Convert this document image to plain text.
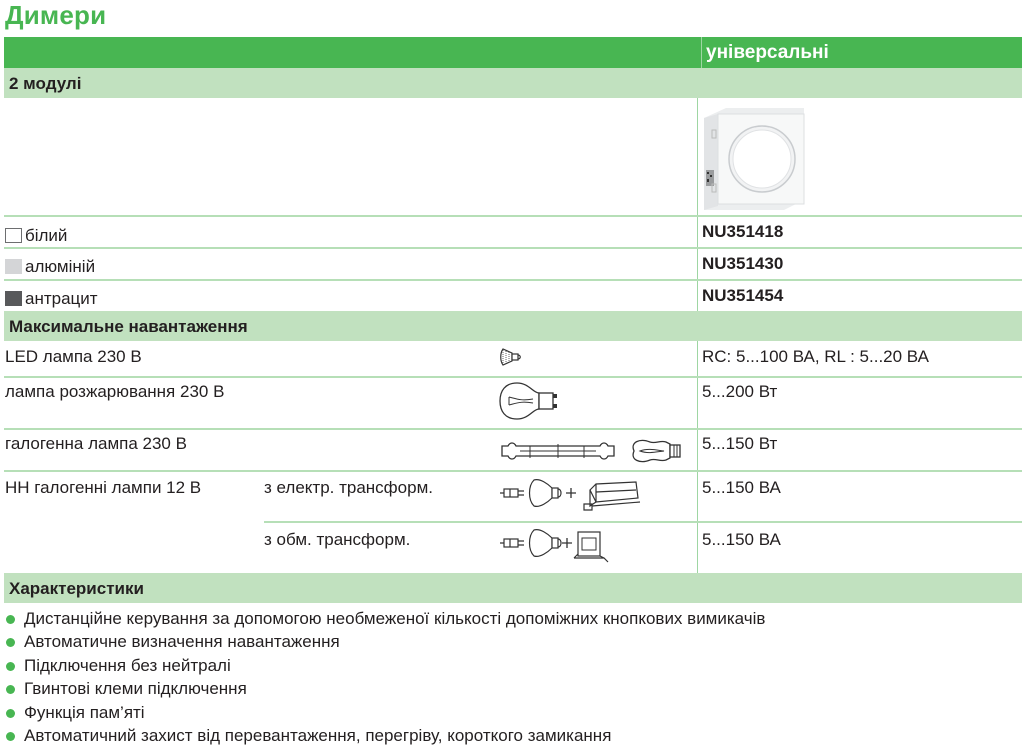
Димери
універсальні
2 модулі
білий	NU351418
алюміній	NU351430
антрацит	NU351454
Максимальне навантаження
LED лампа 230 В	RC: 5...100 ВА, RL : 5...20 ВА
лампа розжарювання 230 В	5...200 Вт
галогенна лампа 230 В	5...150 Вт
НН галогенні лампи 12 В	з електр. трансформ.	5...150 ВА
з обм. трансформ.	5...150 ВА
Характеристики
Дистанційне керування за допомогою необмеженої кількості допоміжних кнопкових вимикачів
Автоматичне визначення навантаження
Підключення без нейтралі
Гвинтові клеми підключення
Функція пам’яті
Автоматичний захист від перевантаження, перегріву, короткого замикання
